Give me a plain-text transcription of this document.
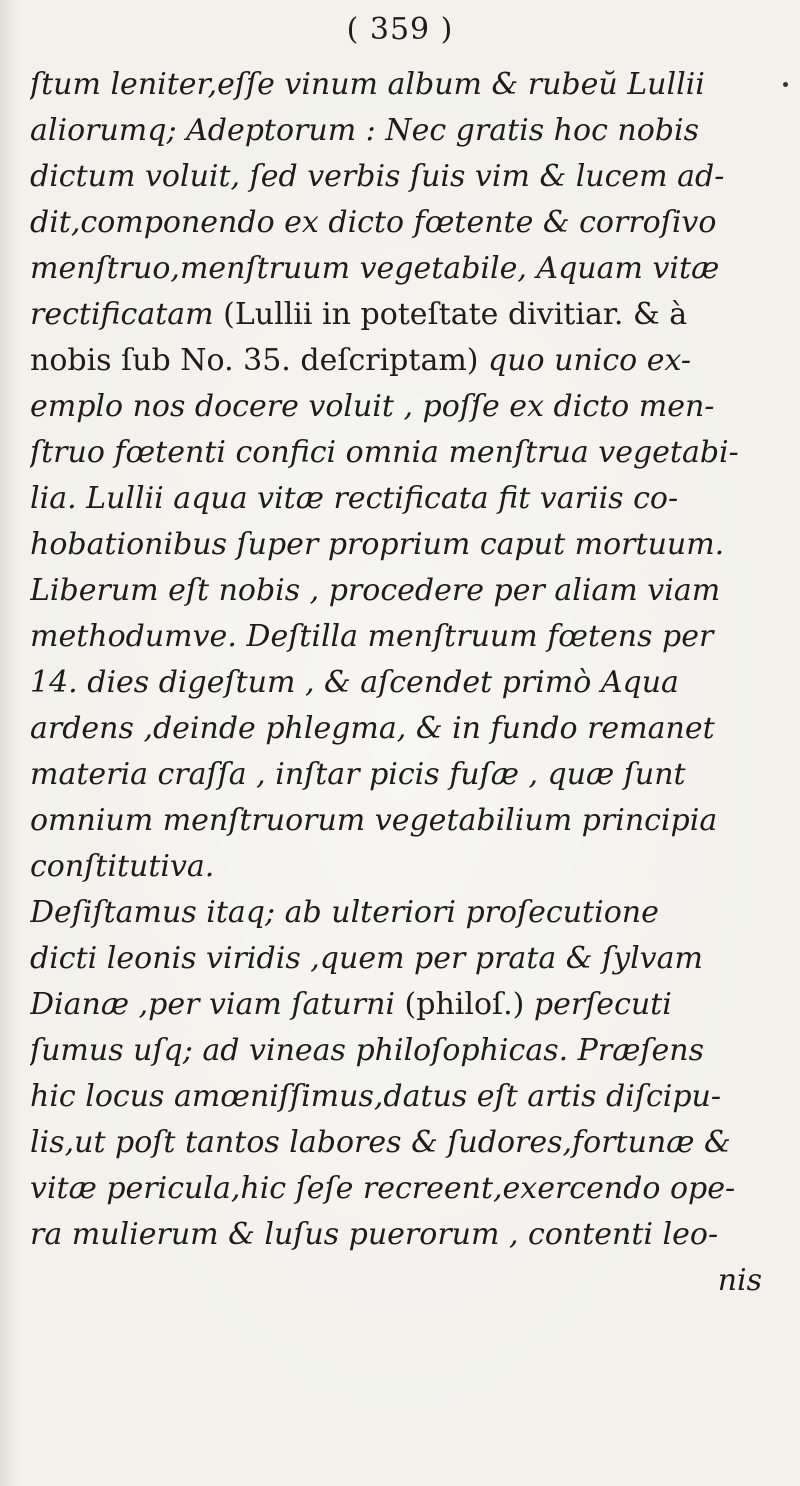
( 359 )
ſtum leniter,eſſe vinum album & rubeŭ Lullii
aliorumq; Adeptorum : Nec gratis hoc nobis
dictum voluit, ſed verbis ſuis vim & lucem ad-
dit,componendo ex dicto fœtente & corroſivo
menſtruo,menſtruum vegetabile, Aquam vitæ
rectificatam (Lullii in poteſtate divitiar. & à
nobis ſub No. 35. deſcriptam) quo unico ex-
emplo nos docere voluit , poſſe ex dicto men-
ſtruo fœtenti confici omnia menſtrua vegetabi-
lia. Lullii aqua vitæ rectificata fit variis co-
hobationibus ſuper proprium caput mortuum.
Liberum eſt nobis , procedere per aliam viam
methodumve. Deſtilla menſtruum fœtens per
14. dies digeſtum , & aſcendet primò Aqua
ardens ,deinde phlegma, & in fundo remanet
materia craſſa , inſtar picis fuſæ , quæ ſunt
omnium menſtruorum vegetabilium principia
conſtitutiva.
Deſiſtamus itaq; ab ulteriori proſecutione
dicti leonis viridis ,quem per prata & ſylvam
Dianæ ,per viam ſaturni (philoſ.) perſecuti
ſumus uſq; ad vineas philoſophicas. Præſens
hic locus amœniſſimus,datus eſt artis diſcipu-
lis,ut poſt tantos labores & ſudores,fortunæ &
vitæ pericula,hic ſeſe recreent,exercendo ope-
ra mulierum & luſus puerorum , contenti leo-
nis
